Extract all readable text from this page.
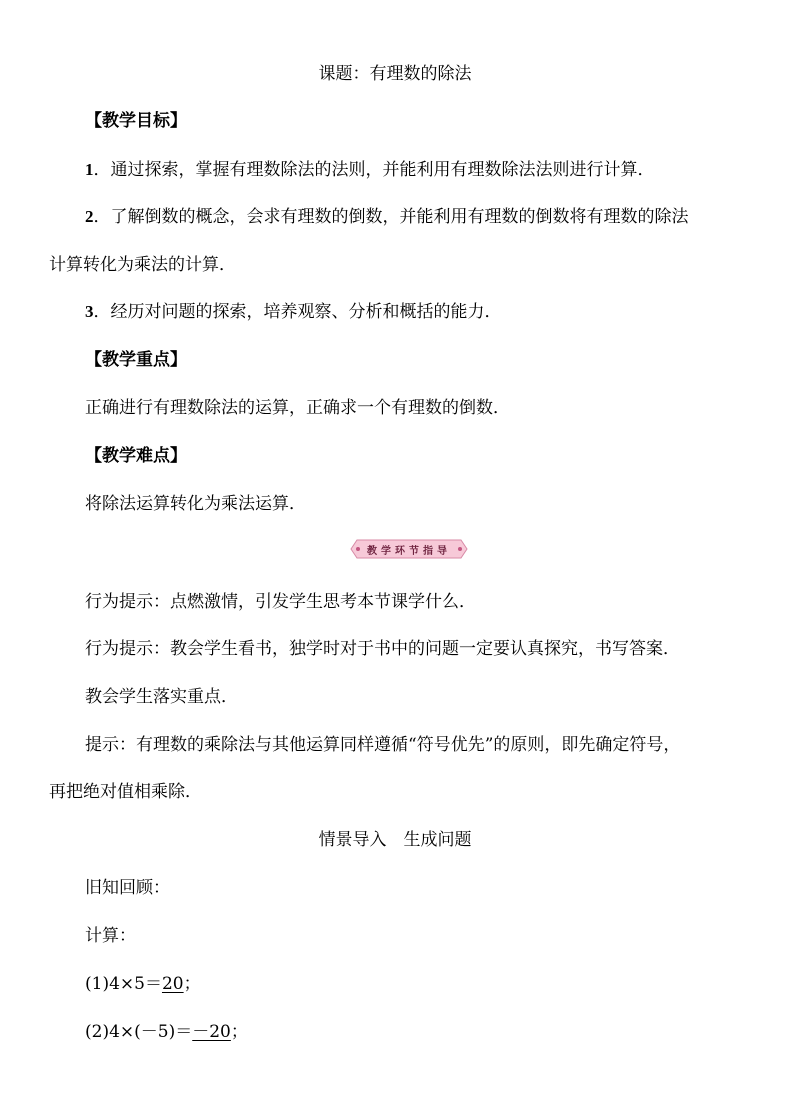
课题：有理数的除法
【教学目标】
1．通过探索，掌握有理数除法的法则，并能利用有理数除法法则进行计算．
2．了解倒数的概念，会求有理数的倒数，并能利用有理数的倒数将有理数的除法
计算转化为乘法的计算．
3．经历对问题的探索，培养观察、分析和概括的能力．
【教学重点】
正确进行有理数除法的运算，正确求一个有理数的倒数．
【教学难点】
将除法运算转化为乘法运算．
教学环节指导
行为提示：点燃激情，引发学生思考本节课学什么．
行为提示：教会学生看书，独学时对于书中的问题一定要认真探究，书写答案．
教会学生落实重点．
提示：有理数的乘除法与其他运算同样遵循“符号优先”的原则，即先确定符号，
再把绝对值相乘除．
情景导入　生成问题
旧知回顾：
计算：
(1)4×5＝20；
(2)4×(－5)＝－20；
